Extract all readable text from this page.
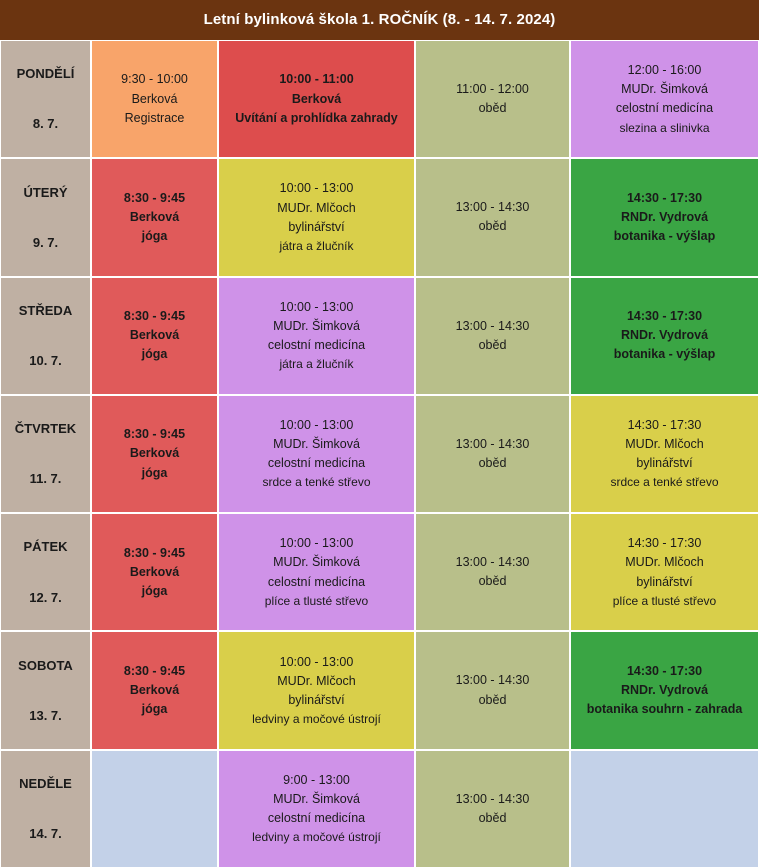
Letní bylinková škola 1. ROČNÍK (8. - 14. 7. 2024)
PONDĚLÍ
8. 7.
9:30 - 10:00
Berková
Registrace
10:00 - 11:00
Berková
Uvítání a prohlídka zahrady
11:00 - 12:00
oběd
12:00 - 16:00
MUDr. Šimková
celostní medicína
slezina a slinivka
ÚTERÝ
9. 7.
8:30 - 9:45
Berková
jóga
10:00 - 13:00
MUDr. Mlčoch
bylinářství
játra a žlučník
13:00 - 14:30
oběd
14:30 - 17:30
RNDr. Vydrová
botanika - výšlap
STŘEDA
10. 7.
8:30 - 9:45
Berková
jóga
10:00 - 13:00
MUDr. Šimková
celostní medicína
játra a žlučník
13:00 - 14:30
oběd
14:30 - 17:30
RNDr. Vydrová
botanika - výšlap
ČTVRTEK
11. 7.
8:30 - 9:45
Berková
jóga
10:00 - 13:00
MUDr. Šimková
celostní medicína
srdce a tenké střevo
13:00 - 14:30
oběd
14:30 - 17:30
MUDr. Mlčoch
bylinářství
srdce a tenké střevo
PÁTEK
12. 7.
8:30 - 9:45
Berková
jóga
10:00 - 13:00
MUDr. Šimková
celostní medicína
plíce a tlusté střevo
13:00 - 14:30
oběd
14:30 - 17:30
MUDr. Mlčoch
bylinářství
plíce a tlusté střevo
SOBOTA
13. 7.
8:30 - 9:45
Berková
jóga
10:00 - 13:00
MUDr. Mlčoch
bylinářství
ledviny a močové ústrojí
13:00 - 14:30
oběd
14:30 - 17:30
RNDr. Vydrová
botanika souhrn - zahrada
NEDĚLE
14. 7.
9:00 - 13:00
MUDr. Šimková
celostní medicína
ledviny a močové ústrojí
13:00 - 14:30
oběd
